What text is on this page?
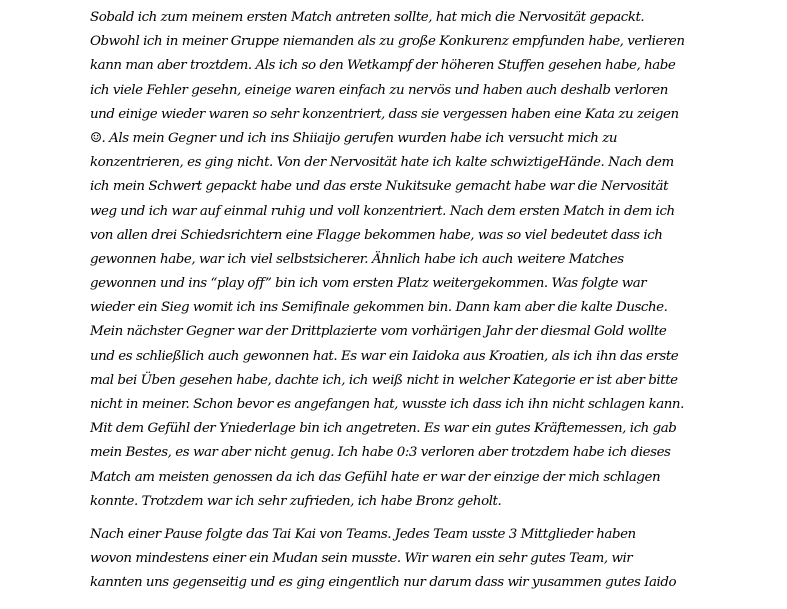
Sobald ich zum meinem ersten Match antreten sollte, hat mich die Nervosität gepackt.
Obwohl ich in meiner Gruppe niemanden als zu große Konkurenz empfunden habe, verlieren
kann man aber troztdem. Als ich so den Wetkampf der höheren Stuffen gesehen habe, habe
ich viele Fehler gesehn, eineige waren einfach zu nervös und haben auch deshalb verloren
und einige wieder waren so sehr konzentriert, dass sie vergessen haben eine Kata zu zeigen
☺. Als mein Gegner und ich ins Shiiaijo gerufen wurden habe ich versucht mich zu
konzentrieren, es ging nicht. Von der Nervosität hate ich kalte schwiztigeHände. Nach dem
ich mein Schwert gepackt habe und das erste Nukitsuke gemacht habe war die Nervosität
weg und ich war auf einmal ruhig und voll konzentriert. Nach dem ersten Match in dem ich
von allen drei Schiedsrichtern eine Flagge bekommen habe, was so viel bedeutet dass ich
gewonnen habe, war ich viel selbstsicherer. Ähnlich habe ich auch weitere Matches
gewonnen und ins “play off” bin ich vom ersten Platz weitergekommen. Was folgte war
wieder ein Sieg womit ich ins Semifinale gekommen bin. Dann kam aber die kalte Dusche.
Mein nächster Gegner war der Drittplazierte vom vorhärigen Jahr der diesmal Gold wollte
und es schließlich auch gewonnen hat. Es war ein Iaidoka aus Kroatien, als ich ihn das erste
mal bei Üben gesehen habe, dachte ich, ich weiß nicht in welcher Kategorie er ist aber bitte
nicht in meiner. Schon bevor es angefangen hat, wusste ich dass ich ihn nicht schlagen kann.
Mit dem Gefühl der Yniederlage bin ich angetreten. Es war ein gutes Kräftemessen, ich gab
mein Bestes, es war aber nicht genug. Ich habe 0:3 verloren aber trotzdem habe ich dieses
Match am meisten genossen da ich das Gefühl hate er war der einzige der mich schlagen
konnte. Trotzdem war ich sehr zufrieden, ich habe Bronz geholt.
Nach einer Pause folgte das Tai Kai von Teams. Jedes Team usste 3 Mittglieder haben
wovon mindestens einer ein Mudan sein musste. Wir waren ein sehr gutes Team, wir
kannten uns gegenseitig und es ging eingentlich nur darum dass wir yusammen gutes Iaido
